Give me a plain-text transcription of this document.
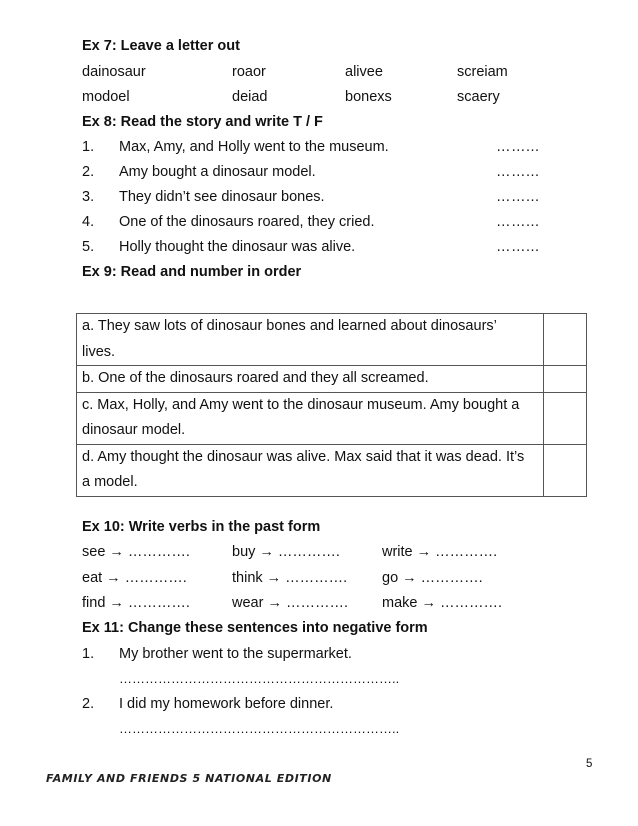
Ex 7: Leave a letter out
dainosaur	roaor	alivee	screiam
modoel	deiad	bonexs	scaery
Ex 8: Read the story and write T / F
1. Max, Amy, and Holly went to the museum.	……...
2. Amy bought a dinosaur model.	……...
3. They didn’t see dinosaur bones.	……...
4. One of the dinosaurs roared, they cried.	……...
5. Holly thought the dinosaur was alive.	……...
Ex 9: Read and number in order
a. They saw lots of dinosaur bones and learned about dinosaurs’
lives.	

b. One of the dinosaurs roared and they all screamed.	

c. Max, Holly, and Amy went to the dinosaur museum. Amy bought a
dinosaur model.	

d. Amy thought the dinosaur was alive. Max said that it was dead. It’s
a model.	

Ex 10: Write verbs in the past form
see → ………….	buy → ………….	write → ………….
eat → ………….	think → …………. go → ………….
find → ………….	wear → …………. make → ………….
Ex 11: Change these sentences into negative form
1. My brother went to the supermarket.
………………………………………………………..
2. I did my homework before dinner.
………………………………………………………..
5
FAMILY AND FRIENDS 5 NATIONAL EDITION
